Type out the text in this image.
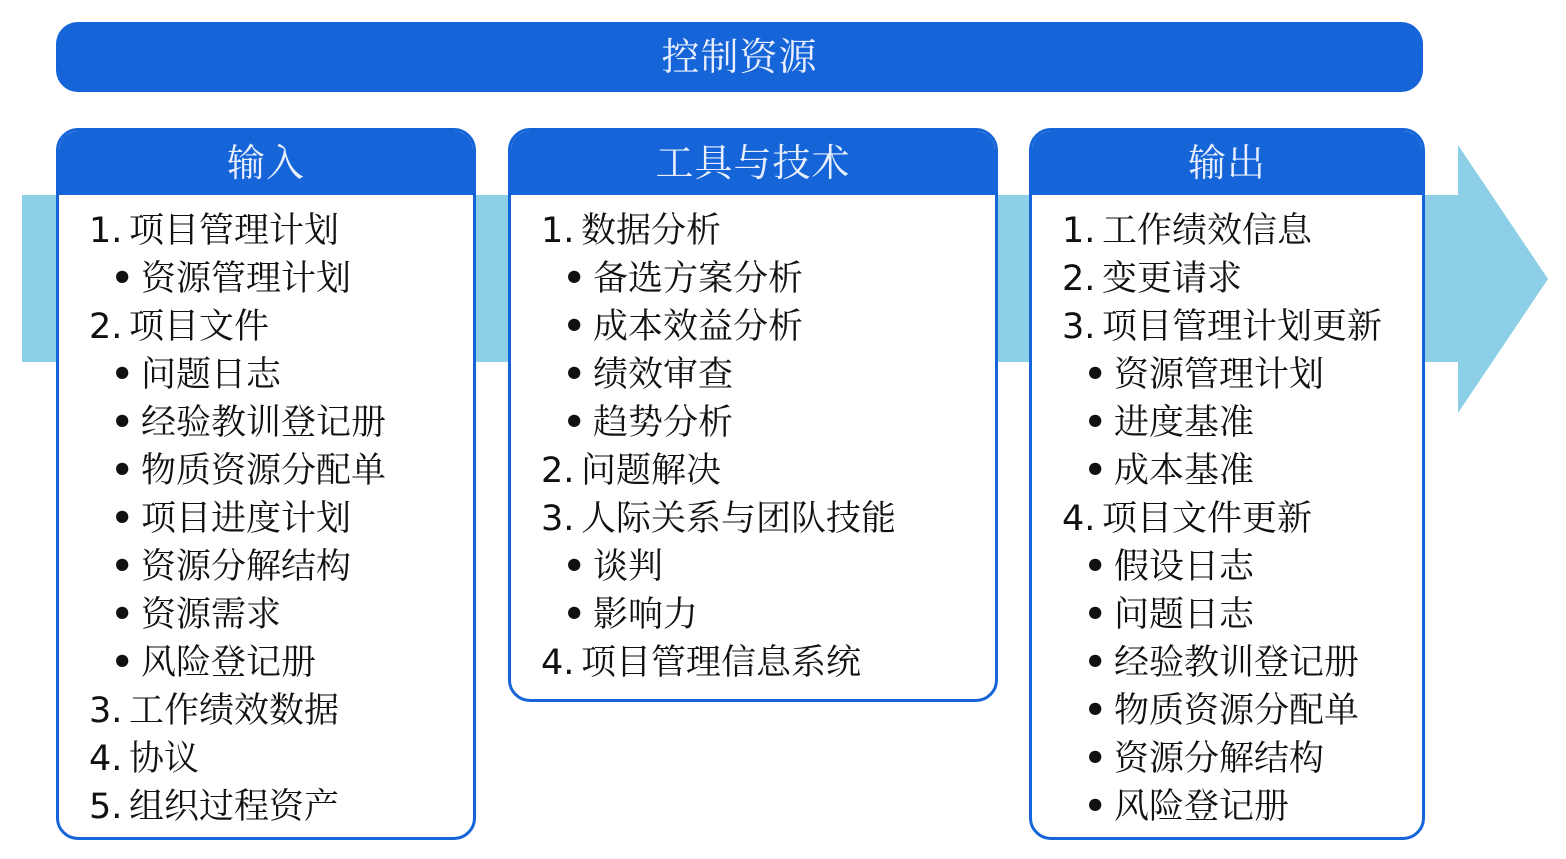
控制资源
输入
1. 项目管理计划
• 资源管理计划
2. 项目文件
• 问题日志
• 经验教训登记册
• 物质资源分配单
• 项目进度计划
• 资源分解结构
• 资源需求
• 风险登记册
3. 工作绩效数据
4. 协议
5. 组织过程资产
工具与技术
1. 数据分析
• 备选方案分析
• 成本效益分析
• 绩效审查
• 趋势分析
2. 问题解决
3. 人际关系与团队技能
• 谈判
• 影响力
4. 项目管理信息系统
输出
1. 工作绩效信息
2. 变更请求
3. 项目管理计划更新
• 资源管理计划
• 进度基准
• 成本基准
4. 项目文件更新
• 假设日志
• 问题日志
• 经验教训登记册
• 物质资源分配单
• 资源分解结构
• 风险登记册
